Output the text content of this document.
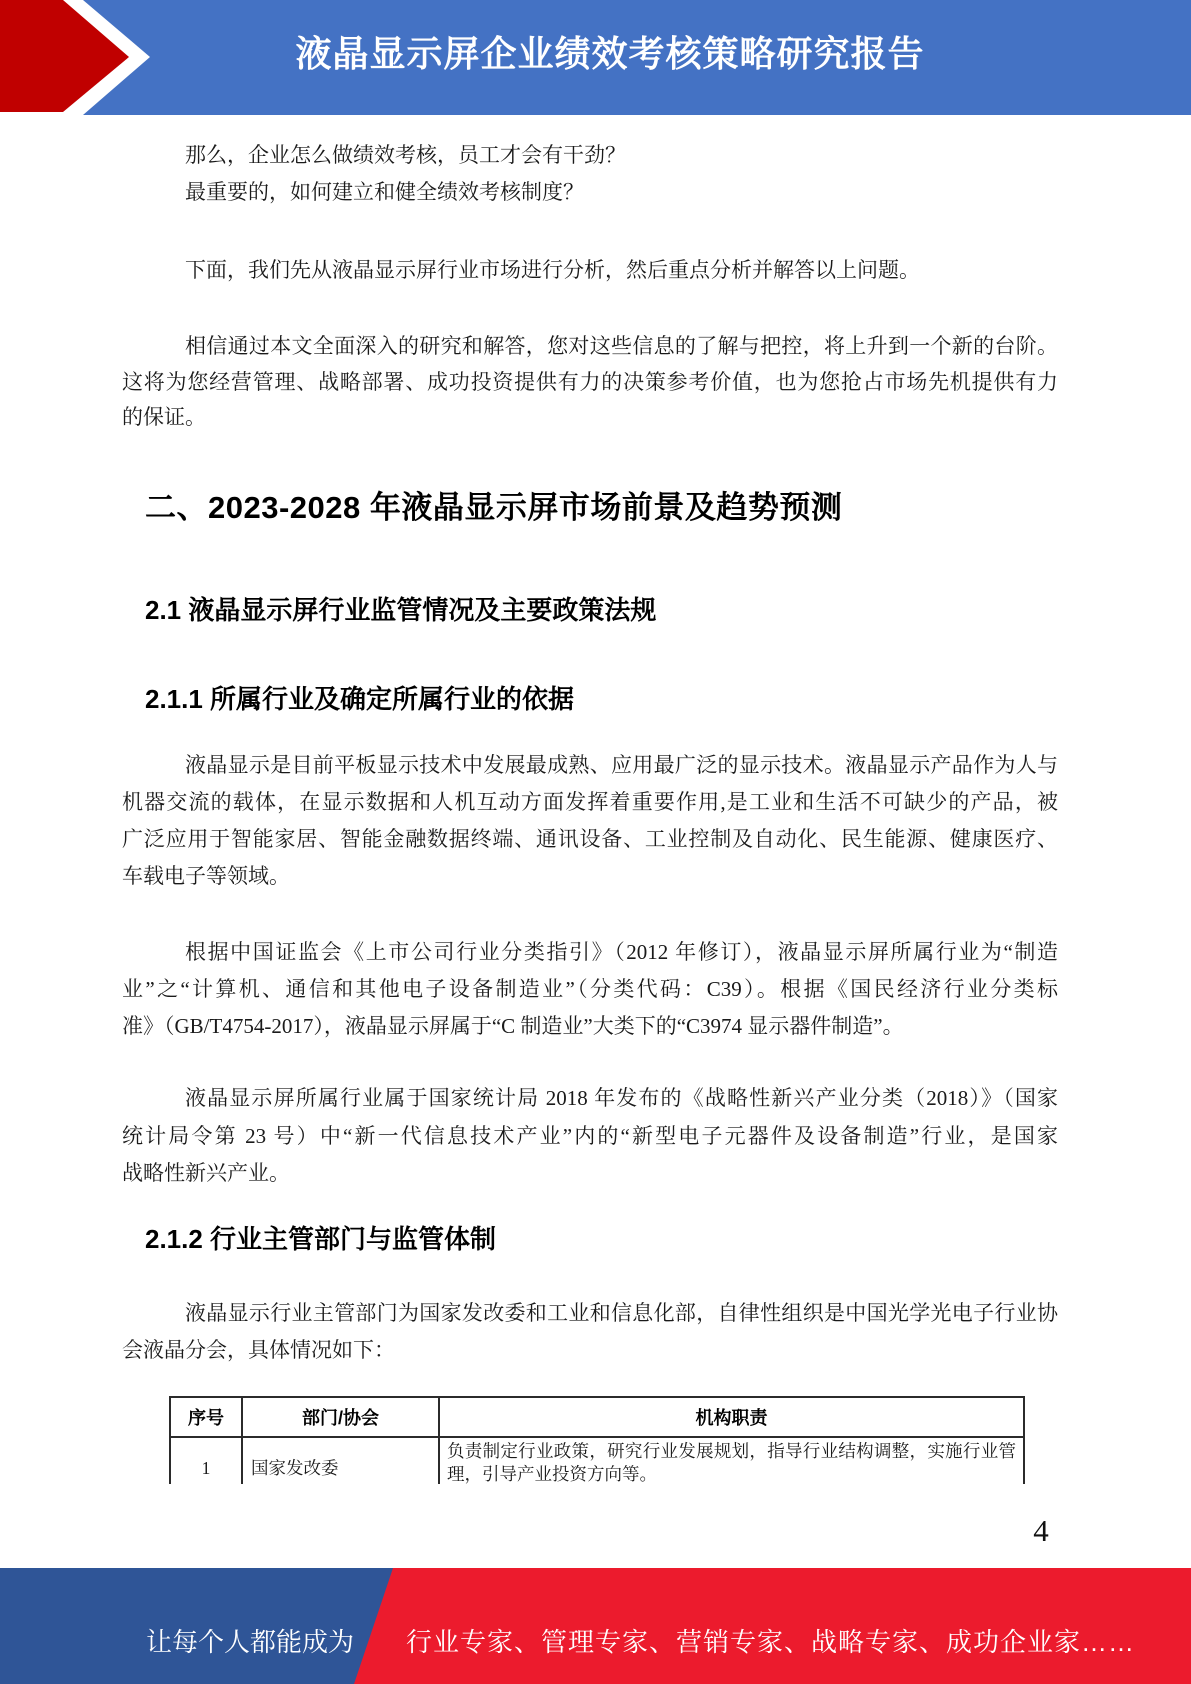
液晶显示屏企业绩效考核策略研究报告
那么，企业怎么做绩效考核，员工才会有干劲？
最重要的，如何建立和健全绩效考核制度？
下面，我们先从液晶显示屏行业市场进行分析，然后重点分析并解答以上问题。
相信通过本文全面深入的研究和解答，您对这些信息的了解与把控，将上升到一个新的台阶。
这将为您经营管理、战略部署、成功投资提供有力的决策参考价值，也为您抢占市场先机提供有力
的保证。
二、2023-2028 年液晶显示屏市场前景及趋势预测
2.1 液晶显示屏行业监管情况及主要政策法规
2.1.1 所属行业及确定所属行业的依据
液晶显示是目前平板显示技术中发展最成熟、应用最广泛的显示技术。液晶显示产品作为人与
机器交流的载体，在显示数据和人机互动方面发挥着重要作用,是工业和生活不可缺少的产品，被
广泛应用于智能家居、智能金融数据终端、通讯设备、工业控制及自动化、民生能源、健康医疗、
车载电子等领域。
根据中国证监会《上市公司行业分类指引》（2012 年修订），液晶显示屏所属行业为“制造
业”之“计算机、通信和其他电子设备制造业”（分类代码：C39）。根据《国民经济行业分类标
准》（GB/T4754-2017），液晶显示屏属于“C 制造业”大类下的“C3974 显示器件制造”。
液晶显示屏所属行业属于国家统计局 2018 年发布的《战略性新兴产业分类（2018）》（国家
统计局令第 23 号）中“新一代信息技术产业”内的“新型电子元器件及设备制造”行业，是国家
战略性新兴产业。
2.1.2 行业主管部门与监管体制
液晶显示行业主管部门为国家发改委和工业和信息化部，自律性组织是中国光学光电子行业协
会液晶分会，具体情况如下：
序号	部门/协会	机构职责
1	国家发改委	负责制定行业政策，研究行业发展规划，指导行业结构调整，实施行业管理，引导产业投资方向等。
4
让每个人都能成为 行业专家、管理专家、营销专家、战略专家、成功企业家……
